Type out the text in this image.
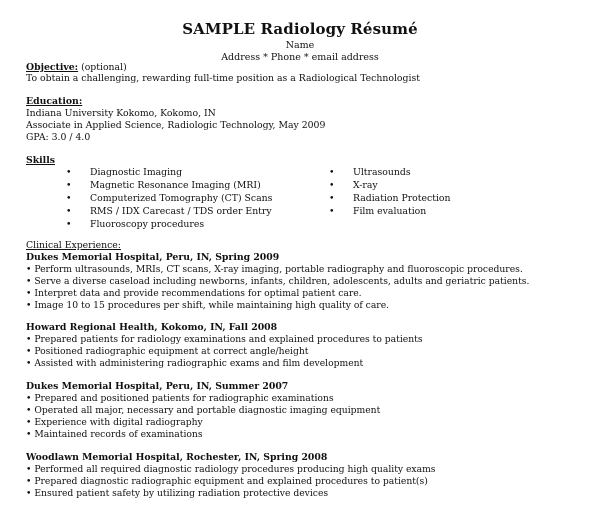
SAMPLE Radiology Résumé
Name
Address * Phone * email address
Objective: (optional)
To obtain a challenging, rewarding full-time position as a Radiological Technologist
Education:
Indiana University Kokomo, Kokomo, IN
Associate in Applied Science, Radiologic Technology, May 2009
GPA: 3.0 / 4.0
Skills
• Diagnostic Imaging
• Magnetic Resonance Imaging (MRI)
• Computerized Tomography (CT) Scans
• RMS / IDX Carecast / TDS order Entry
• Fluoroscopy procedures
• Ultrasounds
• X-ray
• Radiation Protection
• Film evaluation
Clinical Experience:
Dukes Memorial Hospital, Peru, IN, Spring 2009
• Perform ultrasounds, MRIs, CT scans, X-ray imaging, portable radiography and fluoroscopic procedures.
• Serve a diverse caseload including newborns, infants, children, adolescents, adults and geriatric patients.
• Interpret data and provide recommendations for optimal patient care.
• Image 10 to 15 procedures per shift, while maintaining high quality of care.
Howard Regional Health, Kokomo, IN, Fall 2008
• Prepared patients for radiology examinations and explained procedures to patients
• Positioned radiographic equipment at correct angle/height
• Assisted with administering radiographic exams and film development
Dukes Memorial Hospital, Peru, IN, Summer 2007
• Prepared and positioned patients for radiographic examinations
• Operated all major, necessary and portable diagnostic imaging equipment
• Experience with digital radiography
• Maintained records of examinations
Woodlawn Memorial Hospital, Rochester, IN, Spring 2008
• Performed all required diagnostic radiology procedures producing high quality exams
• Prepared diagnostic radiographic equipment and explained procedures to patient(s)
• Ensured patient safety by utilizing radiation protective devices
